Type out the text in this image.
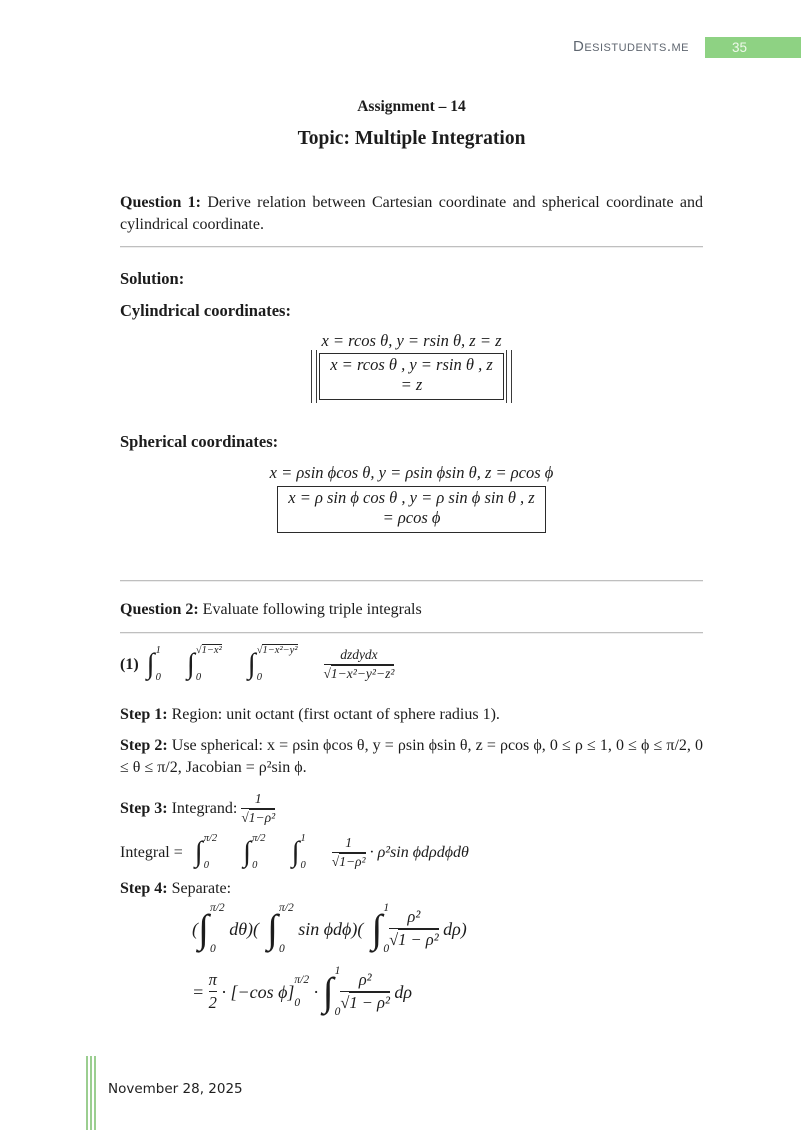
Desistudents.me	35
Assignment – 14
Topic: Multiple Integration
Question 1: Derive relation between Cartesian coordinate and spherical coordinate and cylindrical coordinate.
Solution:
Cylindrical coordinates:
x = rcos θ, y = rsin θ, z = z
x = rcos θ , y = rsin θ , z
= z
Spherical coordinates:
x = ρsin ϕcos θ, y = ρsin ϕsin θ, z = ρcos ϕ
x = ρ sin ϕ cos θ , y = ρ sin ϕ sin θ , z
= ρcos ϕ
Question 2: Evaluate following triple integrals
(1) ∫ 1
0 ∫ √1−x²
0	∫ √1−x²−y²
0	$\frac{\text{dzdydx}}{\text{√1−x²−y²−z²}}$
Step 1: Region: unit octant (first octant of sphere radius 1).
Step 2: Use spherical: x = ρsin ϕcos θ, y = ρsin ϕsin θ, z = ρcos ϕ, 0 ≤ ρ ≤ 1, 0 ≤ ϕ ≤ π/2, 0 ≤ θ ≤ π/2, Jacobian = ρ²sin ϕ.
Step 3: Integrand: $\frac{1}{\text{√1−ρ²}}$
Integral = ∫ π/2
0 ∫ π/2
0 ∫ 1
$0 \frac{1}{\text{√1−ρ²}} \cdot \rho^2\sin$ ϕdρdϕdθ
Step 4: Separate:
( ∫ π/2
0
dθ)( ∫ π/2
0
sin ϕdϕ)( ∫ 1
$0 \frac{\text{ρ²}}{\text{√1 − ρ²}} d\rho$)
= $\frac{\pi}{2} \cdot [-\cos$ ϕ]
π/2
0
· ∫ 1
$0 \frac{\text{ρ²}}{\text{√1 − ρ²}}$ dρ
November 28, 2025
